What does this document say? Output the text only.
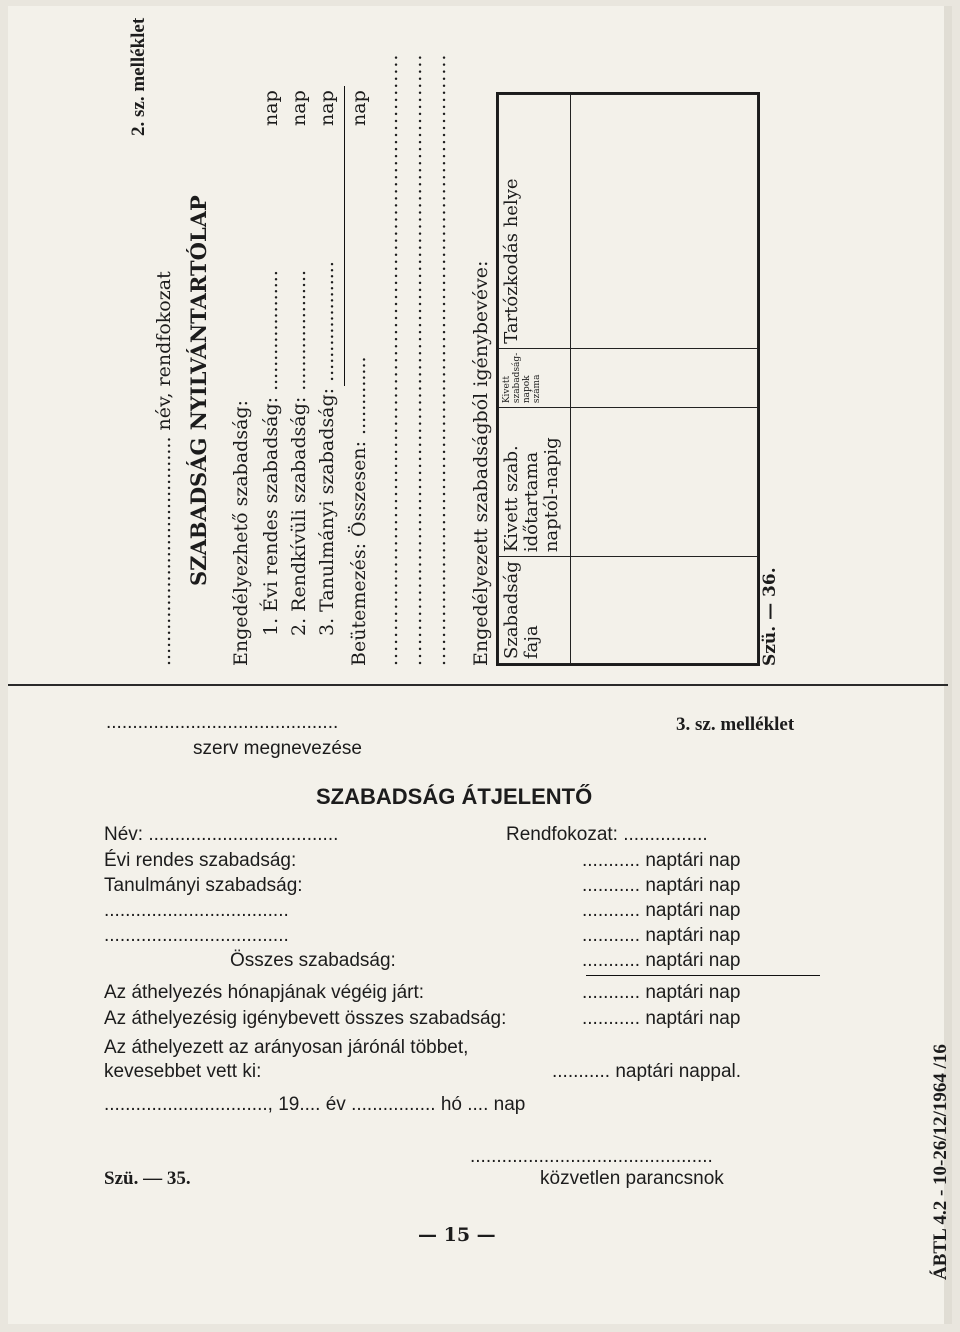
2. sz. melléklet
...................................... név, rendfokozat SZABADSÁG NYILVÁNTARTÓLAP Engedélyezhető szabadság: 1. Évi rendes szabadság: ....................
nap
2. Rendkívüli szabadság: ....................
nap
3. Tanulmányi szabadság: ....................
nap
Beütemezés: Összesen: .............
nap ....................................................................................... ....................................................................................... ....................................................................................... Engedélyezett szabadságból igénybevéve: Szabadság faja	Kivett szab. időtartama naptól-napig	Kivett szabadság- napok száma	Tartózkodás helye

Szü. — 36.
............................................
szerv megnevezése
3. sz. melléklet
SZABADSÁG ÁTJELENTŐ
Név: ....................................	Rendfokozat: ................
Évi rendes szabadság:	........... naptári nap
Tanulmányi szabadság:	........... naptári nap
...................................	........... naptári nap
...................................	........... naptári nap
Összes szabadság:	........... naptári nap
Az áthelyezés hónapjának végéig járt:	........... naptári nap
Az áthelyezésig igénybevett összes szabadság:	........... naptári nap
Az áthelyezett az arányosan járónál többet,
kevesebbet vett ki:	........... naptári nappal.
..............................., 19.... év ................ hó .... nap
..............................................
Szü. — 35.	közvetlen parancsnok
— 15 —	ÁBTL 4.2 - 10-26/12/1964 /16
